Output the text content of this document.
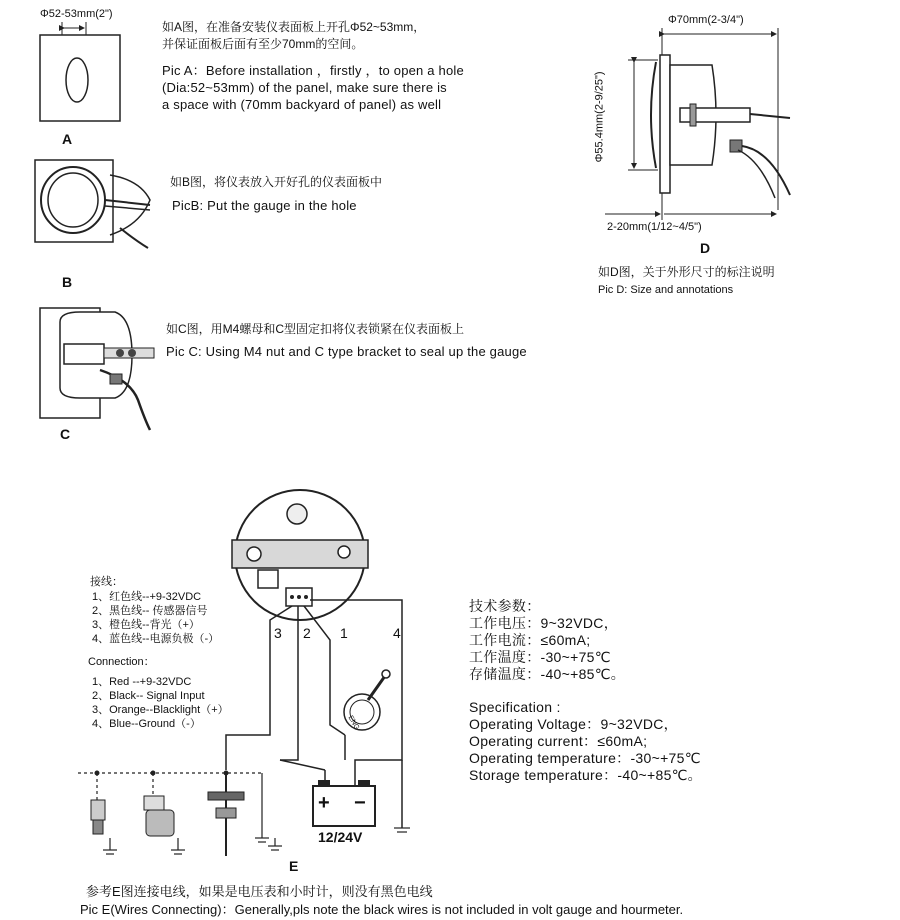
Φ52-53mm(2")
如A图，在准备安装仪表面板上开孔Φ52~53mm，
并保证面板后面有至少70mm的空间。
Pic A：Before installation ，firstly ，to open a hole
(Dia:52~53mm) of the panel, make sure there is
a space with (70mm backyard of panel) as well
A
如B图，将仪表放入开好孔的仪表面板中
PicB: Put the gauge in the hole
B
如C图，用M4螺母和C型固定扣将仪表锁紧在仪表面板上
Pic C: Using M4 nut and C type bracket to seal up the gauge
C
Φ70mm(2-3/4")
Φ55.4mm(2-9/25")
2-20mm(1/12~4/5")
D
如D图，关于外形尺寸的标注说明
Pic D: Size and annotations
接线：
1、红色线--+9-32VDC
2、黑色线-- 传感器信号
3、橙色线--背光（+）
4、蓝色线--电源负极（-）
Connection：
1、Red --+9-32VDC
2、Black-- Signal Input
3、Orange--Blacklight（+）
4、Blue--Ground（-）
3 2 1	4
ENG
+ −
12/24V
E
技术参数：
工作电压：9~32VDC，
工作电流：≤60mA;
工作温度：-30~+75℃
存储温度：-40~+85℃。
Specification :
Operating Voltage：9~32VDC，
Operating current：≤60mA;
Operating temperature：-30~+75℃
Storage temperature：-40~+85℃。
参考E图连接电线，如果是电压表和小时计，则没有黑色电线
Pic E(Wires Connecting)：Generally,pls note the black wires is not included in volt gauge and hourmeter.
